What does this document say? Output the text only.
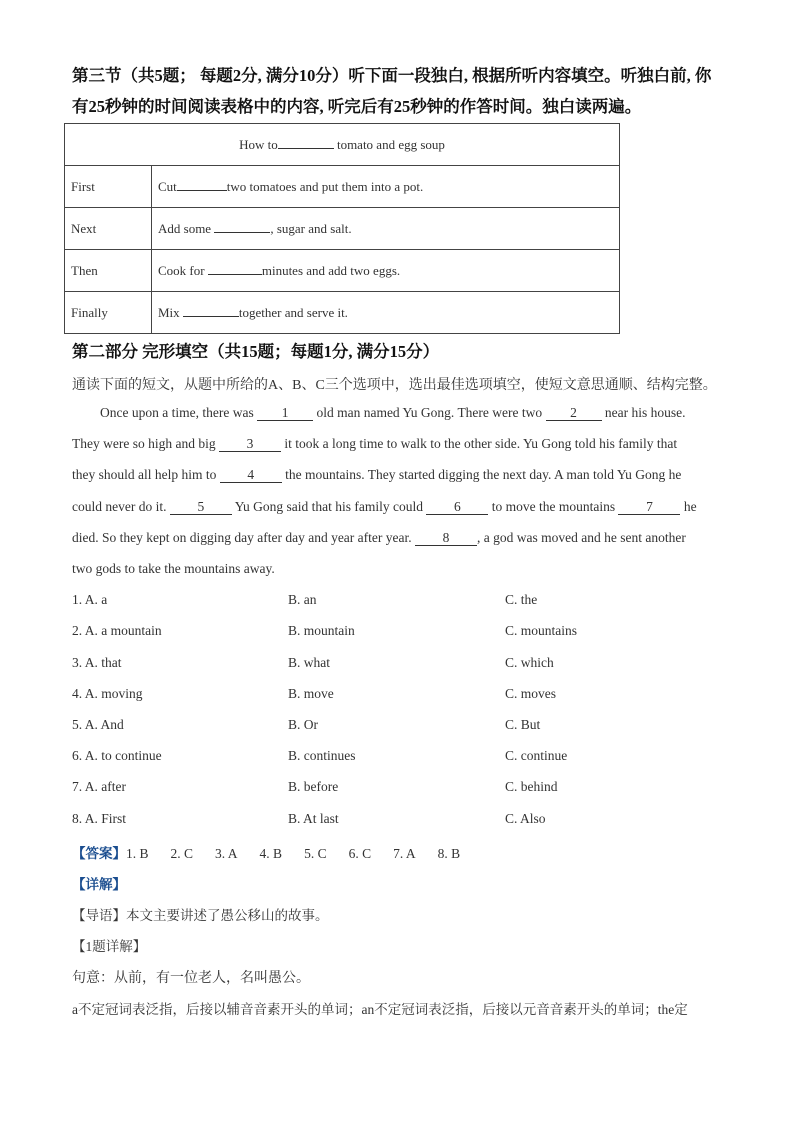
第三节（共5题； 每题2分, 满分10分）听下面一段独白, 根据所听内容填空。听独白前, 你
有25秒钟的时间阅读表格中的内容, 听完后有25秒钟的作答时间。独白读两遍。
How to tomato and egg soup	
First	Cut two tomatoes and put them into a pot.
Next	Add some , sugar and salt.
Then	Cook for minutes and add two eggs.
Finally	Mix together and serve it.
第二部分 完形填空（共15题；每题1分, 满分15分）
通读下面的短文，从题中所给的A、B、C三个选项中，选出最佳选项填空，使短文意思通顺、结构完整。
Once upon a time, there was 1 old man named Yu Gong. There were two 2 near his house.
They were so high and big 3 it took a long time to walk to the other side. Yu Gong told his family that
they should all help him to 4 the mountains. They started digging the next day. A man told Yu Gong he
could never do it. 5 Yu Gong said that his family could 6 to move the mountains 7 he
died. So they kept on digging day after day and year after year. 8 , a god was moved and he sent another
two gods to take the mountains away.
1. A. a	B. an	C. the
2. A. a mountain	B. mountain	C. mountains
3. A. that	B. what	C. which
4. A. moving	B. move	C. moves
5. A. And	B. Or	C. But
6. A. to continue	B. continues	C. continue
7. A. after	B. before	C. behind
8. A. First	B. At last	C. Also
【答案】1. B 2. C 3. A 4. B 5. C 6. C 7. A 8. B
【详解】
【导语】本文主要讲述了愚公移山的故事。
【1题详解】
句意：从前，有一位老人，名叫愚公。
a不定冠词表泛指，后接以辅音音素开头的单词；an不定冠词表泛指，后接以元音音素开头的单词；the定
